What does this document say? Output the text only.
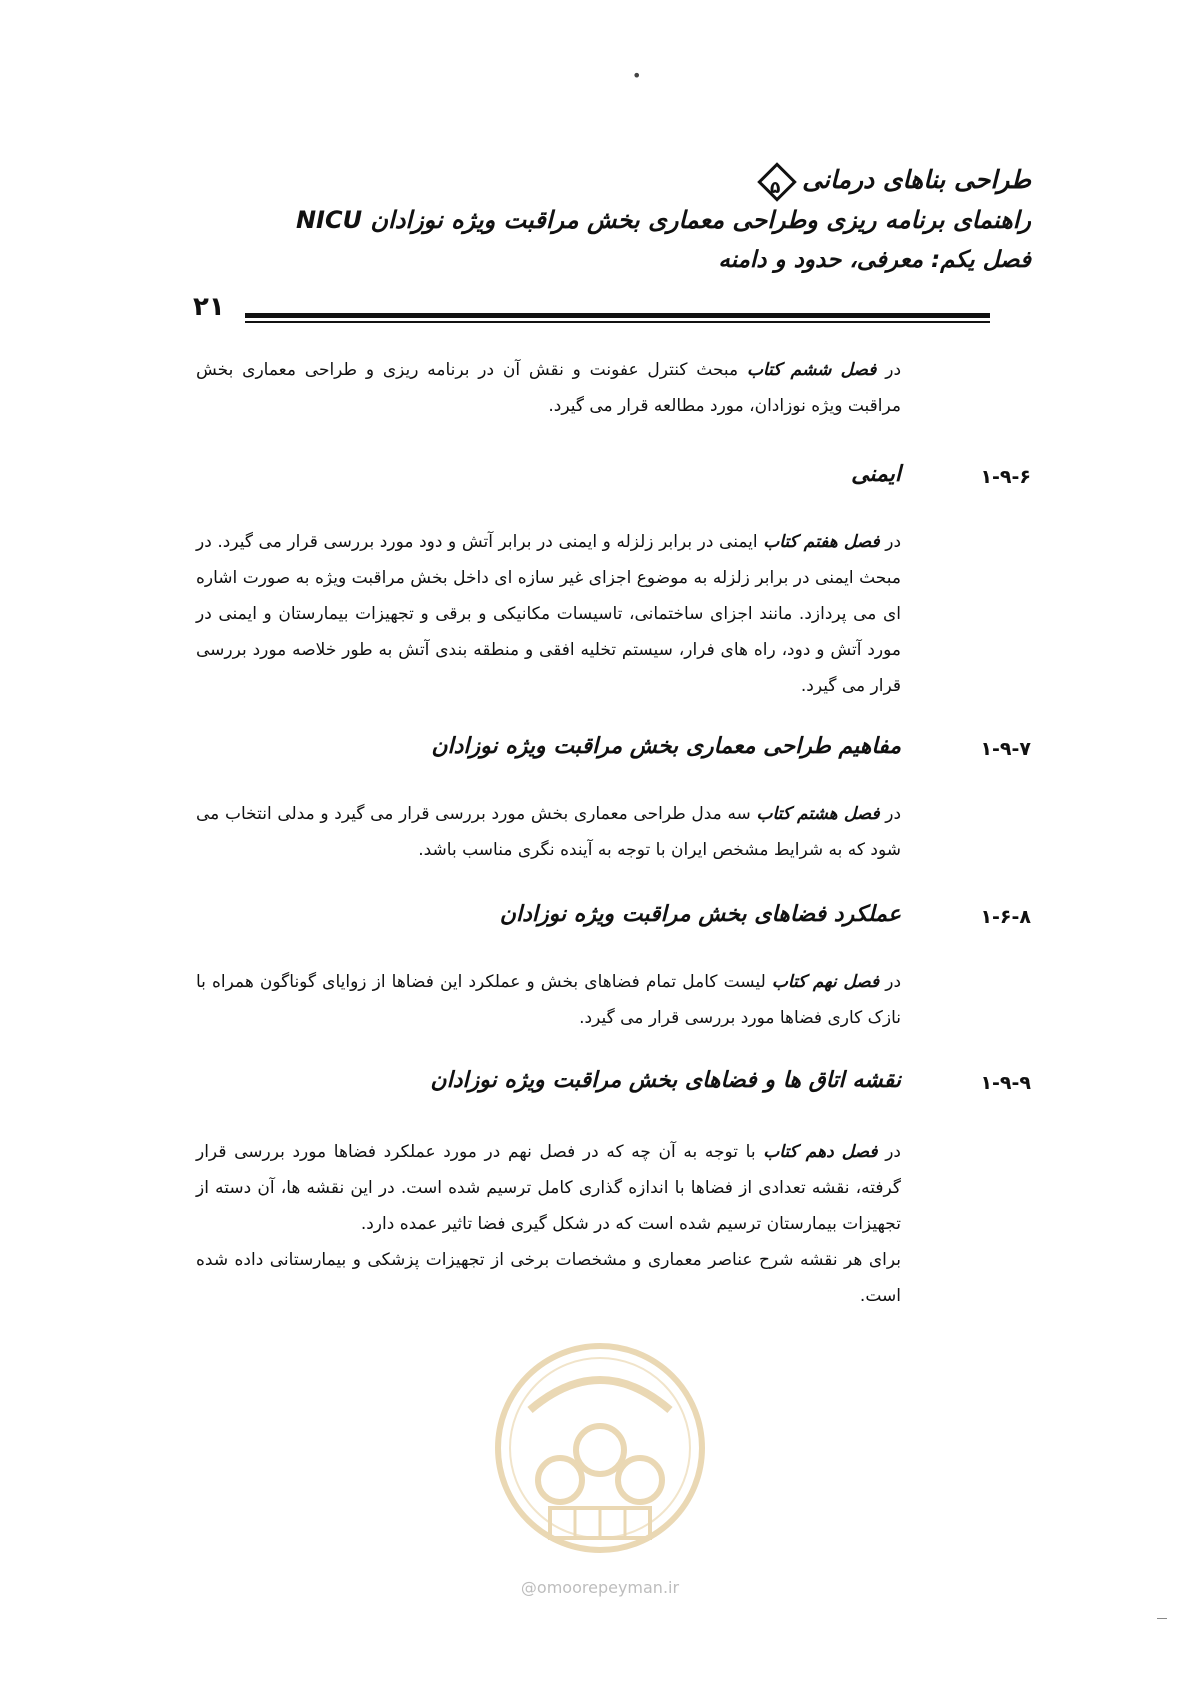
•
طراحی بناهای درمانی
۵
راهنمای برنامه ریزی وطراحی معماری بخش مراقبت ویژه نوزادان NICU
فصل یکم: معرفی، حدود و دامنه
۲۱
در فصل ششم کتاب مبحث کنترل عفونت و نقش آن در برنامه ریزی و طراحی معماری بخش مراقبت ویژه نوزادان، مورد مطالعه قرار می گیرد.
۱-۹-۶
ایمنی
در فصل هفتم کتاب ایمنی در برابر زلزله و ایمنی در برابر آتش و دود مورد بررسی قرار می گیرد. در مبحث ایمنی در برابر زلزله به موضوع اجزای غیر سازه ای داخل بخش مراقبت ویژه به صورت اشاره ای می پردازد. مانند اجزای ساختمانی، تاسیسات مکانیکی و برقی و تجهیزات بیمارستان و ایمنی در مورد آتش و دود، راه های فرار، سیستم تخلیه افقی و منطقه بندی آتش به طور خلاصه مورد بررسی قرار می گیرد.
۱-۹-۷
مفاهیم طراحی معماری بخش مراقبت ویژه نوزادان
در فصل هشتم کتاب سه مدل طراحی معماری بخش مورد بررسی قرار می گیرد و مدلی انتخاب می شود که به شرایط مشخص ایران با توجه به آینده نگری مناسب باشد.
۱-۶-۸
عملکرد فضاهای بخش مراقبت ویژه نوزادان
در فصل نهم کتاب لیست کامل تمام فضاهای بخش و عملکرد این فضاها از زوایای گوناگون همراه با نازک کاری فضاها مورد بررسی قرار می گیرد.
۱-۹-۹
نقشه اتاق ها و فضاهای بخش مراقبت ویژه نوزادان
در فصل دهم کتاب با توجه به آن چه که در فصل نهم در مورد عملکرد فضاها مورد بررسی قرار گرفته، نقشه تعدادی از فضاها با اندازه گذاری کامل ترسیم شده است. در این نقشه ها، آن دسته از تجهیزات بیمارستان ترسیم شده است که در شکل گیری فضا تاثیر عمده دارد.
برای هر نقشه شرح عناصر معماری و مشخصات برخی از تجهیزات پزشکی و بیمارستانی داده شده است.
@omoorepeyman.ir
